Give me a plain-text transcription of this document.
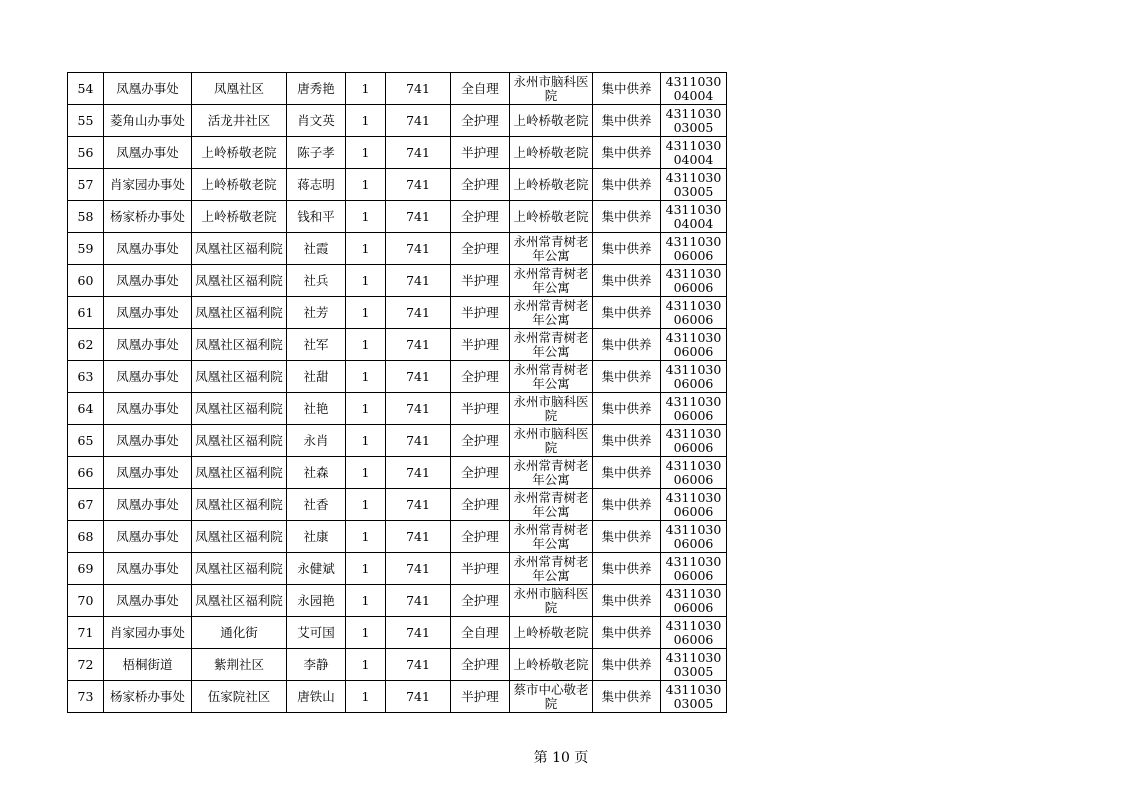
54	凤凰办事处	凤凰社区	唐秀艳	1	741	全自理	永州市脑科医院	集中供养	431103004004
55	菱角山办事处	活龙井社区	肖文英	1	741	全护理	上岭桥敬老院	集中供养	431103003005
56	凤凰办事处	上岭桥敬老院	陈子孝	1	741	半护理	上岭桥敬老院	集中供养	431103004004
57	肖家园办事处	上岭桥敬老院	蒋志明	1	741	全护理	上岭桥敬老院	集中供养	431103003005
58	杨家桥办事处	上岭桥敬老院	钱和平	1	741	全护理	上岭桥敬老院	集中供养	431103004004
59	凤凰办事处	凤凰社区福利院	社霞	1	741	全护理	永州常青树老年公寓	集中供养	431103006006
60	凤凰办事处	凤凰社区福利院	社兵	1	741	半护理	永州常青树老年公寓	集中供养	431103006006
61	凤凰办事处	凤凰社区福利院	社芳	1	741	半护理	永州常青树老年公寓	集中供养	431103006006
62	凤凰办事处	凤凰社区福利院	社军	1	741	半护理	永州常青树老年公寓	集中供养	431103006006
63	凤凰办事处	凤凰社区福利院	社甜	1	741	全护理	永州常青树老年公寓	集中供养	431103006006
64	凤凰办事处	凤凰社区福利院	社艳	1	741	半护理	永州市脑科医院	集中供养	431103006006
65	凤凰办事处	凤凰社区福利院	永肖	1	741	全护理	永州市脑科医院	集中供养	431103006006
66	凤凰办事处	凤凰社区福利院	社森	1	741	全护理	永州常青树老年公寓	集中供养	431103006006
67	凤凰办事处	凤凰社区福利院	社香	1	741	全护理	永州常青树老年公寓	集中供养	431103006006
68	凤凰办事处	凤凰社区福利院	社康	1	741	全护理	永州常青树老年公寓	集中供养	431103006006
69	凤凰办事处	凤凰社区福利院	永健斌	1	741	半护理	永州常青树老年公寓	集中供养	431103006006
70	凤凰办事处	凤凰社区福利院	永园艳	1	741	全护理	永州市脑科医院	集中供养	431103006006
71	肖家园办事处	通化街	艾可国	1	741	全自理	上岭桥敬老院	集中供养	431103006006
72	梧桐街道	紫荆社区	李静	1	741	全护理	上岭桥敬老院	集中供养	431103003005
73	杨家桥办事处	伍家院社区	唐铁山	1	741	半护理	蔡市中心敬老院	集中供养	431103003005
第 10 页
